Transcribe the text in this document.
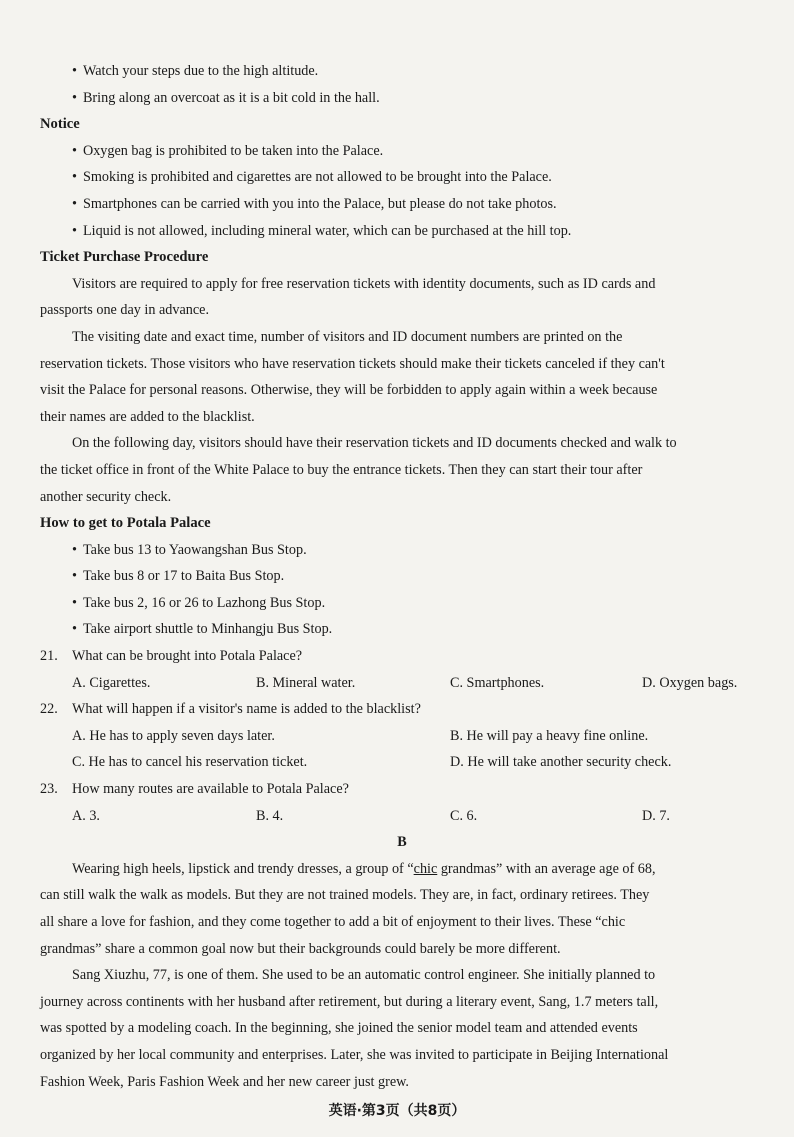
• Watch your steps due to the high altitude.
• Bring along an overcoat as it is a bit cold in the hall.
Notice
• Oxygen bag is prohibited to be taken into the Palace.
• Smoking is prohibited and cigarettes are not allowed to be brought into the Palace.
• Smartphones can be carried with you into the Palace, but please do not take photos.
• Liquid is not allowed, including mineral water, which can be purchased at the hill top.
Ticket Purchase Procedure
Visitors are required to apply for free reservation tickets with identity documents, such as ID cards and
passports one day in advance.
The visiting date and exact time, number of visitors and ID document numbers are printed on the
reservation tickets. Those visitors who have reservation tickets should make their tickets canceled if they can't
visit the Palace for personal reasons. Otherwise, they will be forbidden to apply again within a week because
their names are added to the blacklist.
On the following day, visitors should have their reservation tickets and ID documents checked and walk to
the ticket office in front of the White Palace to buy the entrance tickets. Then they can start their tour after
another security check.
How to get to Potala Palace
• Take bus 13 to Yaowangshan Bus Stop.
• Take bus 8 or 17 to Baita Bus Stop.
• Take bus 2, 16 or 26 to Lazhong Bus Stop.
• Take airport shuttle to Minhangju Bus Stop.
21.	What can be brought into Potala Palace?
A. Cigarettes.	B. Mineral water.	C. Smartphones.	D. Oxygen bags.
22.	What will happen if a visitor's name is added to the blacklist?
A. He has to apply seven days later.	B. He will pay a heavy fine online.
C. He has to cancel his reservation ticket.	D. He will take another security check.
23.	How many routes are available to Potala Palace?
A. 3.	B. 4.	C. 6.	D. 7.
B
Wearing high heels, lipstick and trendy dresses, a group of “chic grandmas” with an average age of 68,
can still walk the walk as models. But they are not trained models. They are, in fact, ordinary retirees. They
all share a love for fashion, and they come together to add a bit of enjoyment to their lives. These “chic
grandmas” share a common goal now but their backgrounds could barely be more different.
Sang Xiuzhu, 77, is one of them. She used to be an automatic control engineer. She initially planned to
journey across continents with her husband after retirement, but during a literary event, Sang, 1.7 meters tall,
was spotted by a modeling coach. In the beginning, she joined the senior model team and attended events
organized by her local community and enterprises. Later, she was invited to participate in Beijing International
Fashion Week, Paris Fashion Week and her new career just grew.
英语·第3页（共8页）
